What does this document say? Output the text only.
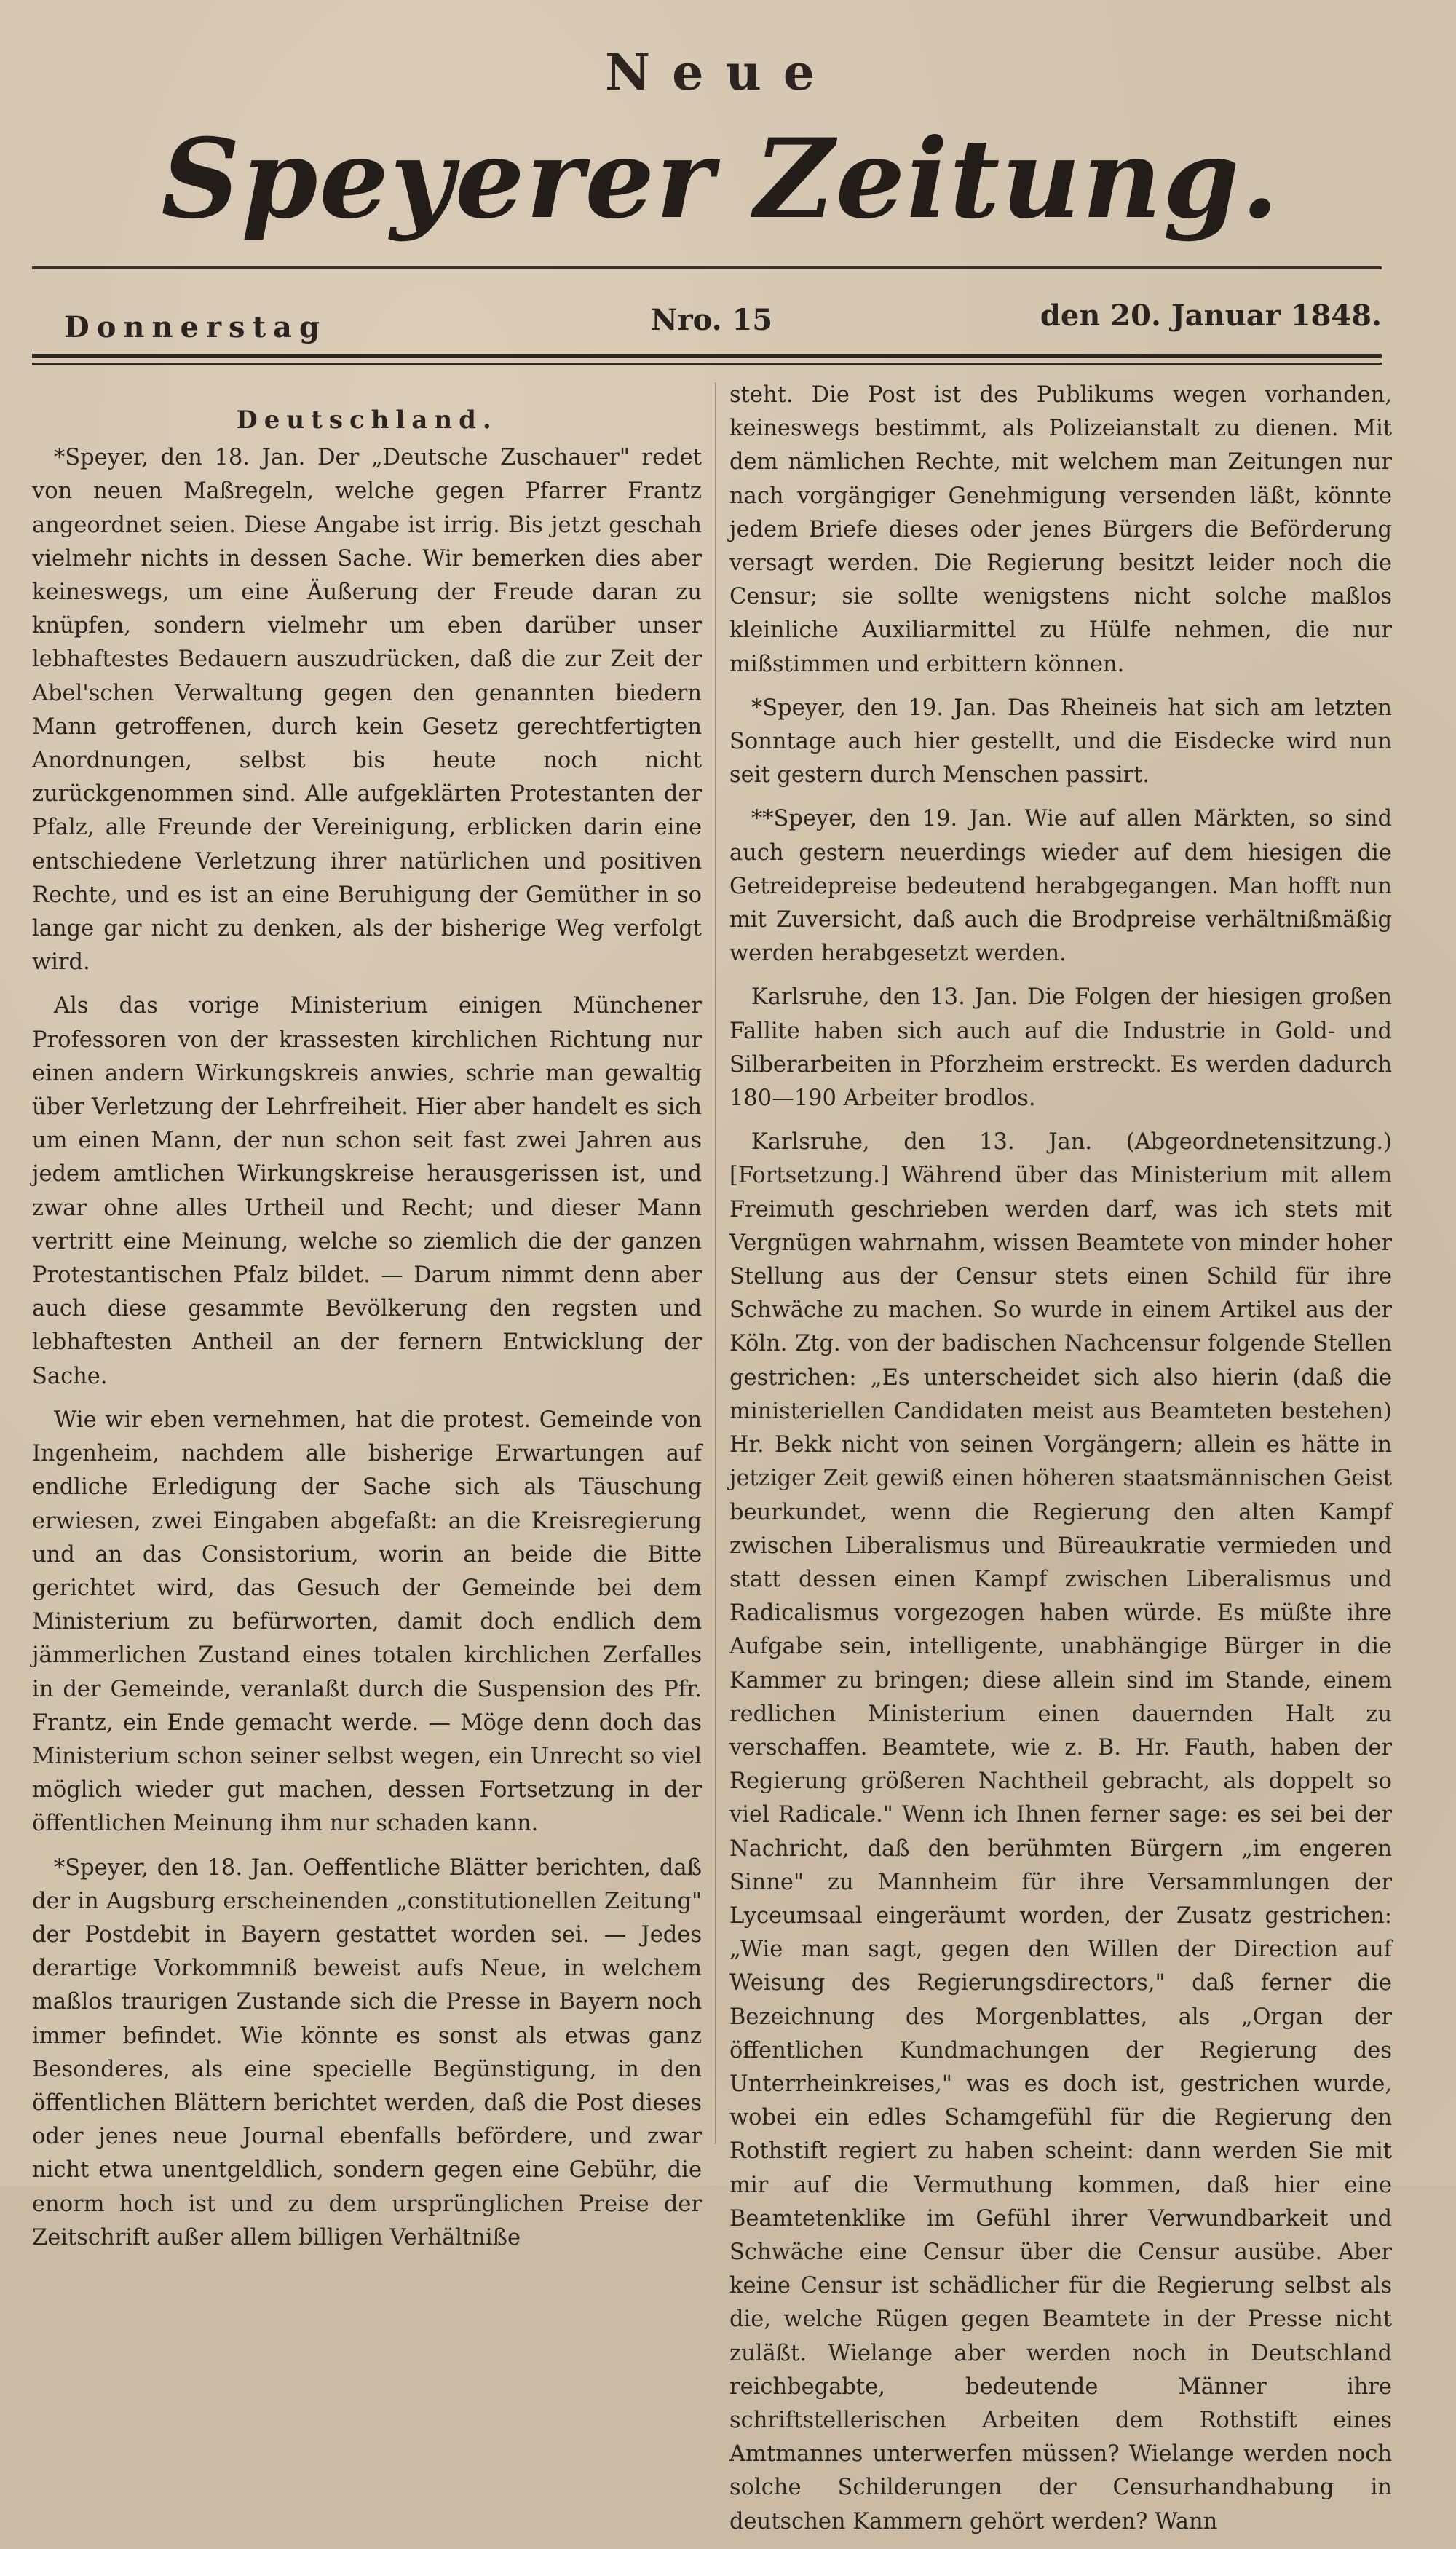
Neue
Speyerer Zeitung.
Donnerstag	Nro. 15	den 20. Januar 1848.
Deutschland.

*Speyer, den 18. Jan. Der „Deutsche Zuschauer" redet von neuen Maßregeln, welche gegen Pfarrer Frantz angeordnet seien. Diese Angabe ist irrig. Bis jetzt geschah vielmehr nichts in dessen Sache. Wir bemerken dies aber keineswegs, um eine Äußerung der Freude daran zu knüpfen, sondern vielmehr um eben darüber unser lebhaftestes Bedauern auszudrücken, daß die zur Zeit der Abel'schen Verwaltung gegen den genannten biedern Mann getroffenen, durch kein Gesetz gerechtfertigten Anordnungen, selbst bis heute noch nicht zurückgenommen sind. Alle aufgeklärten Protestanten der Pfalz, alle Freunde der Vereinigung, erblicken darin eine entschiedene Verletzung ihrer natürlichen und positiven Rechte, und es ist an eine Beruhigung der Gemüther in so lange gar nicht zu denken, als der bisherige Weg verfolgt wird.

Als das vorige Ministerium einigen Münchener Professoren von der krassesten kirchlichen Richtung nur einen andern Wirkungskreis anwies, schrie man gewaltig über Verletzung der Lehrfreiheit. Hier aber handelt es sich um einen Mann, der nun schon seit fast zwei Jahren aus jedem amtlichen Wirkungskreise herausgerissen ist, und zwar ohne alles Urtheil und Recht; und dieser Mann vertritt eine Meinung, welche so ziemlich die der ganzen Protestantischen Pfalz bildet. — Darum nimmt denn aber auch diese gesammte Bevölkerung den regsten und lebhaftesten Antheil an der fernern Entwicklung der Sache.

Wie wir eben vernehmen, hat die protest. Gemeinde von Ingenheim, nachdem alle bisherige Erwartungen auf endliche Erledigung der Sache sich als Täuschung erwiesen, zwei Eingaben abgefaßt: an die Kreisregierung und an das Consistorium, worin an beide die Bitte gerichtet wird, das Gesuch der Gemeinde bei dem Ministerium zu befürworten, damit doch endlich dem jämmerlichen Zustand eines totalen kirchlichen Zerfalles in der Gemeinde, veranlaßt durch die Suspension des Pfr. Frantz, ein Ende gemacht werde. — Möge denn doch das Ministerium schon seiner selbst wegen, ein Unrecht so viel möglich wieder gut machen, dessen Fortsetzung in der öffentlichen Meinung ihm nur schaden kann.

*Speyer, den 18. Jan. Oeffentliche Blätter berichten, daß der in Augsburg erscheinenden „constitutionellen Zeitung" der Postdebit in Bayern gestattet worden sei. — Jedes derartige Vorkommniß beweist aufs Neue, in welchem maßlos traurigen Zustande sich die Presse in Bayern noch immer befindet. Wie könnte es sonst als etwas ganz Besonderes, als eine specielle Begünstigung, in den öffentlichen Blättern berichtet werden, daß die Post dieses oder jenes neue Journal ebenfalls befördere, und zwar nicht etwa unentgeldlich, sondern gegen eine Gebühr, die enorm hoch ist und zu dem ursprünglichen Preise der Zeitschrift außer allem billigen Verhältniße

steht. Die Post ist des Publikums wegen vorhanden, keineswegs bestimmt, als Polizeianstalt zu dienen. Mit dem nämlichen Rechte, mit welchem man Zeitungen nur nach vorgängiger Genehmigung versenden läßt, könnte jedem Briefe dieses oder jenes Bürgers die Beförderung versagt werden. Die Regierung besitzt leider noch die Censur; sie sollte wenigstens nicht solche maßlos kleinliche Auxiliarmittel zu Hülfe nehmen, die nur mißstimmen und erbittern können.

*Speyer, den 19. Jan. Das Rheineis hat sich am letzten Sonntage auch hier gestellt, und die Eisdecke wird nun seit gestern durch Menschen passirt.

**Speyer, den 19. Jan. Wie auf allen Märkten, so sind auch gestern neuerdings wieder auf dem hiesigen die Getreidepreise bedeutend herabgegangen. Man hofft nun mit Zuversicht, daß auch die Brodpreise verhältnißmäßig werden herabgesetzt werden.

Karlsruhe, den 13. Jan. Die Folgen der hiesigen großen Fallite haben sich auch auf die Industrie in Gold- und Silberarbeiten in Pforzheim erstreckt. Es werden dadurch 180—190 Arbeiter brodlos.

Karlsruhe, den 13. Jan. (Abgeordnetensitzung.) [Fortsetzung.] Während über das Ministerium mit allem Freimuth geschrieben werden darf, was ich stets mit Vergnügen wahrnahm, wissen Beamtete von minder hoher Stellung aus der Censur stets einen Schild für ihre Schwäche zu machen. So wurde in einem Artikel aus der Köln. Ztg. von der badischen Nachcensur folgende Stellen gestrichen: „Es unterscheidet sich also hierin (daß die ministeriellen Candidaten meist aus Beamteten bestehen) Hr. Bekk nicht von seinen Vorgängern; allein es hätte in jetziger Zeit gewiß einen höheren staatsmännischen Geist beurkundet, wenn die Regierung den alten Kampf zwischen Liberalismus und Büreaukratie vermieden und statt dessen einen Kampf zwischen Liberalismus und Radicalismus vorgezogen haben würde. Es müßte ihre Aufgabe sein, intelligente, unabhängige Bürger in die Kammer zu bringen; diese allein sind im Stande, einem redlichen Ministerium einen dauernden Halt zu verschaffen. Beamtete, wie z. B. Hr. Fauth, haben der Regierung größeren Nachtheil gebracht, als doppelt so viel Radicale." Wenn ich Ihnen ferner sage: es sei bei der Nachricht, daß den berühmten Bürgern „im engeren Sinne" zu Mannheim für ihre Versammlungen der Lyceumsaal eingeräumt worden, der Zusatz gestrichen: „Wie man sagt, gegen den Willen der Direction auf Weisung des Regierungsdirectors," daß ferner die Bezeichnung des Morgenblattes, als „Organ der öffentlichen Kundmachungen der Regierung des Unterrheinkreises," was es doch ist, gestrichen wurde, wobei ein edles Schamgefühl für die Regierung den Rothstift regiert zu haben scheint: dann werden Sie mit mir auf die Vermuthung kommen, daß hier eine Beamtetenklike im Gefühl ihrer Verwundbarkeit und Schwäche eine Censur über die Censur ausübe. Aber keine Censur ist schädlicher für die Regierung selbst als die, welche Rügen gegen Beamtete in der Presse nicht zuläßt. Wielange aber werden noch in Deutschland reichbegabte, bedeutende Männer ihre schriftstellerischen Arbeiten dem Rothstift eines Amtmannes unterwerfen müssen? Wielange werden noch solche Schilderungen der Censurhandhabung in deutschen Kammern gehört werden? Wann
